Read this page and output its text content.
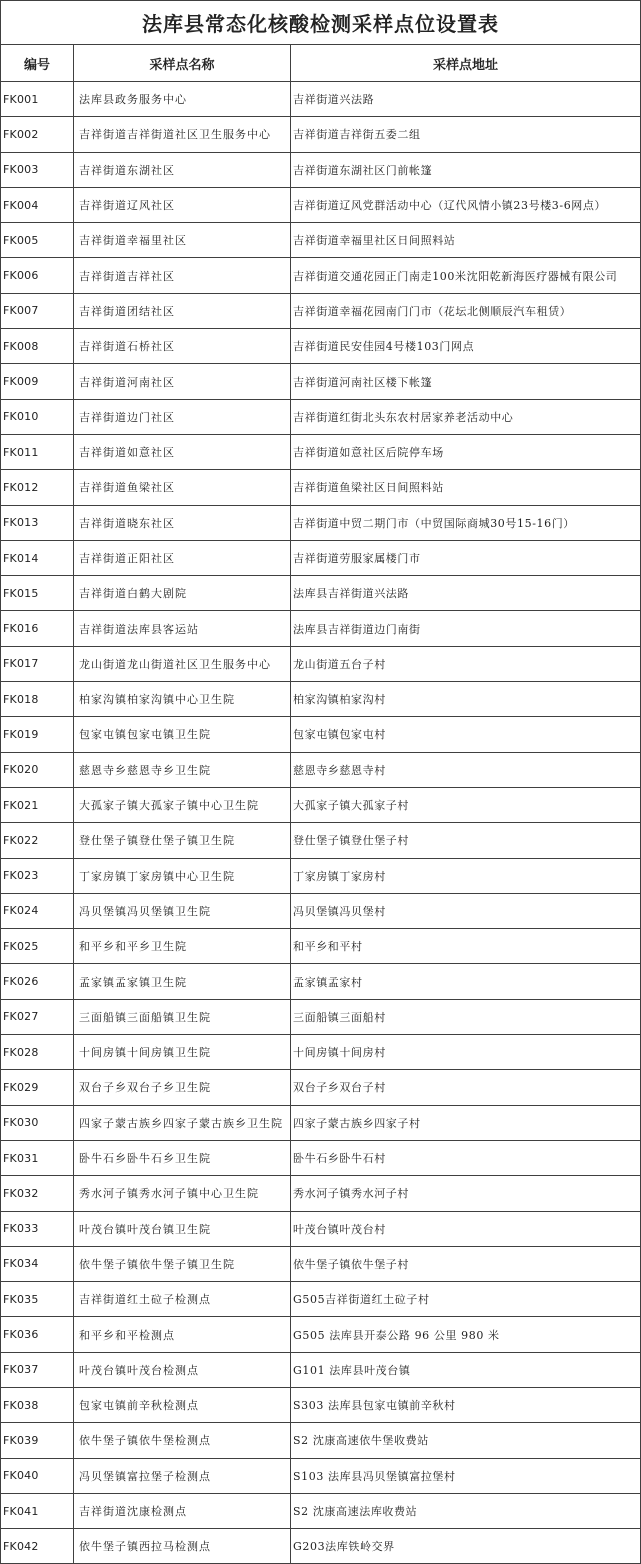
法库县常态化核酸检测采样点位设置表		
编号	采样点名称	采样点地址
FK001	法库县政务服务中心	吉祥街道兴法路
FK002	吉祥街道吉祥街道社区卫生服务中心	吉祥街道吉祥街五委二组
FK003	吉祥街道东湖社区	吉祥街道东湖社区门前帐篷
FK004	吉祥街道辽风社区	吉祥街道辽风党群活动中心（辽代风情小镇23号楼3-6网点）
FK005	吉祥街道幸福里社区	吉祥街道幸福里社区日间照料站
FK006	吉祥街道吉祥社区	吉祥街道交通花园正门南走100米沈阳乾新海医疗器械有限公司
FK007	吉祥街道团结社区	吉祥街道幸福花园南门门市（花坛北侧顺辰汽车租赁）
FK008	吉祥街道石桥社区	吉祥街道民安佳园4号楼103门网点
FK009	吉祥街道河南社区	吉祥街道河南社区楼下帐篷
FK010	吉祥街道边门社区	吉祥街道红街北头东农村居家养老活动中心
FK011	吉祥街道如意社区	吉祥街道如意社区后院停车场
FK012	吉祥街道鱼梁社区	吉祥街道鱼梁社区日间照料站
FK013	吉祥街道晓东社区	吉祥街道中贸二期门市（中贸国际商城30号15-16门）
FK014	吉祥街道正阳社区	吉祥街道劳服家属楼门市
FK015	吉祥街道白鹤大剧院	法库县吉祥街道兴法路
FK016	吉祥街道法库县客运站	法库县吉祥街道边门南街
FK017	龙山街道龙山街道社区卫生服务中心	龙山街道五台子村
FK018	柏家沟镇柏家沟镇中心卫生院	柏家沟镇柏家沟村
FK019	包家屯镇包家屯镇卫生院	包家屯镇包家屯村
FK020	慈恩寺乡慈恩寺乡卫生院	慈恩寺乡慈恩寺村
FK021	大孤家子镇大孤家子镇中心卫生院	大孤家子镇大孤家子村
FK022	登仕堡子镇登仕堡子镇卫生院	登仕堡子镇登仕堡子村
FK023	丁家房镇丁家房镇中心卫生院	丁家房镇丁家房村
FK024	冯贝堡镇冯贝堡镇卫生院	冯贝堡镇冯贝堡村
FK025	和平乡和平乡卫生院	和平乡和平村
FK026	孟家镇孟家镇卫生院	孟家镇孟家村
FK027	三面船镇三面船镇卫生院	三面船镇三面船村
FK028	十间房镇十间房镇卫生院	十间房镇十间房村
FK029	双台子乡双台子乡卫生院	双台子乡双台子村
FK030	四家子蒙古族乡四家子蒙古族乡卫生院	四家子蒙古族乡四家子村
FK031	卧牛石乡卧牛石乡卫生院	卧牛石乡卧牛石村
FK032	秀水河子镇秀水河子镇中心卫生院	秀水河子镇秀水河子村
FK033	叶茂台镇叶茂台镇卫生院	叶茂台镇叶茂台村
FK034	依牛堡子镇依牛堡子镇卫生院	依牛堡子镇依牛堡子村
FK035	吉祥街道红土砬子检测点	G505吉祥街道红土砬子村
FK036	和平乡和平检测点	G505 法库县开泰公路 96 公里 980 米
FK037	叶茂台镇叶茂台检测点	G101 法库县叶茂台镇
FK038	包家屯镇前辛秋检测点	S303 法库县包家屯镇前辛秋村
FK039	依牛堡子镇依牛堡检测点	S2 沈康高速依牛堡收费站
FK040	冯贝堡镇富拉堡子检测点	S103 法库县冯贝堡镇富拉堡村
FK041	吉祥街道沈康检测点	S2 沈康高速法库收费站
FK042	依牛堡子镇西拉马检测点	G203法库铁岭交界
